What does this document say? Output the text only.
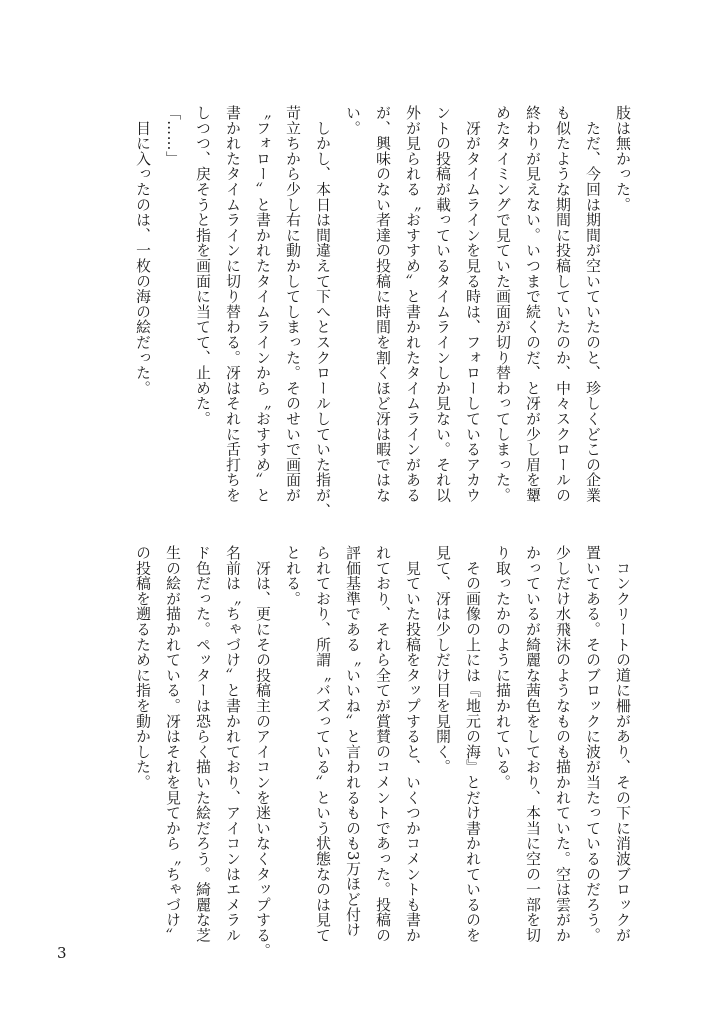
肢は無かった。

　ただ、今回は期間が空いていたのと、珍しくどこの企業

も似たような期間に投稿していたのか、中々スクロールの

終わりが見えない。いつまで続くのだ、と冴が少し眉を顰

めたタイミングで見ていた画面が切り替わってしまった。

　冴がタイムラインを見る時は、フォローしているアカウ

ントの投稿が載っているタイムラインしか見ない。それ以

外が見られる〝おすすめ〟と書かれたタイムラインがある

が、興味のない者達の投稿に時間を割くほど冴は暇ではな

い。

　しかし、本日は間違えて下へとスクロールしていた指が、

苛立ちから少し右に動かしてしまった。そのせいで画面が

〝フォロー〟と書かれたタイムラインから〝おすすめ〟と

書かれたタイムラインに切り替わる。冴はそれに舌打ちを

しつつ、戻そうと指を画面に当てて、止めた。

「……」

　目に入ったのは、一枚の海の絵だった。

　コンクリートの道に柵があり、その下に消波ブロックが

置いてある。そのブロックに波が当たっているのだろう。

少しだけ水飛沫のようなものも描かれていた。空は雲がか

かっているが綺麗な茜色をしており、本当に空の一部を切

り取ったかのように描かれている。

　その画像の上には『地元の海』とだけ書かれているのを

見て、冴は少しだけ目を見開く。

　見ていた投稿をタップすると、いくつかコメントも書か

れており、それら全てが賞賛のコメントであった。投稿の

評価基準である〝いいね〟と言われるものも3万ほど付け

られており、所謂〝バズっている〟という状態なのは見て

とれる。

　冴は、更にその投稿主のアイコンを迷いなくタップする。

名前は〝ちゃづけ〟と書かれており、アイコンはエメラル

ド色だった。ペッターは恐らく描いた絵だろう。綺麗な芝

生の絵が描かれている。冴はそれを見てから〝ちゃづけ〟

の投稿を遡るために指を動かした。

3
